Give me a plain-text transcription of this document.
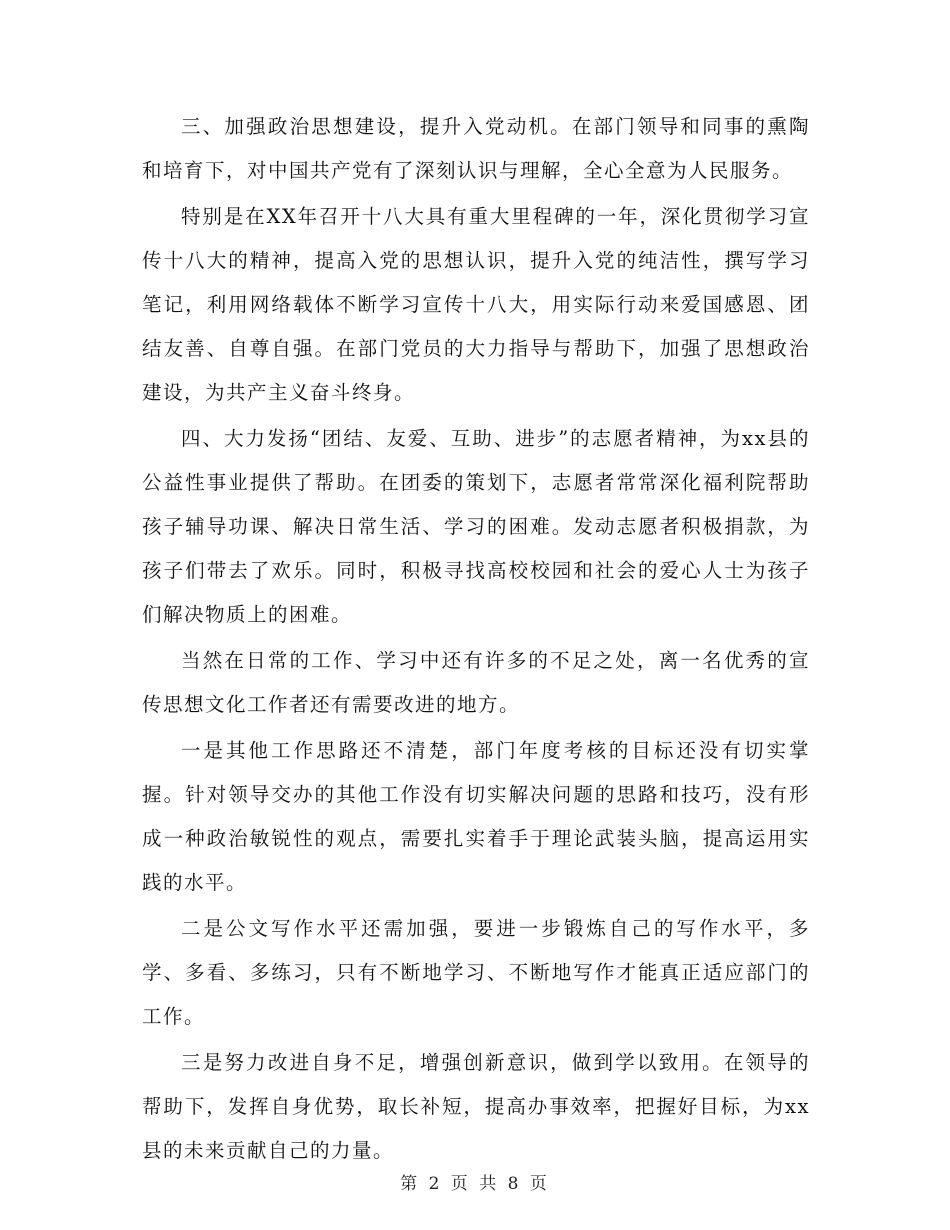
三、加强政治思想建设，提升入党动机。在部门领导和同事的熏陶和培育下，对中国共产党有了深刻认识与理解，全心全意为人民服务。

特别是在XX年召开十八大具有重大里程碑的一年，深化贯彻学习宣传十八大的精神，提高入党的思想认识，提升入党的纯洁性，撰写学习笔记，利用网络载体不断学习宣传十八大，用实际行动来爱国感恩、团结友善、自尊自强。在部门党员的大力指导与帮助下，加强了思想政治建设，为共产主义奋斗终身。

四、大力发扬“团结、友爱、互助、进步”的志愿者精神，为xx县的公益性事业提供了帮助。在团委的策划下，志愿者常常深化福利院帮助孩子辅导功课、解决日常生活、学习的困难。发动志愿者积极捐款，为孩子们带去了欢乐。同时，积极寻找高校校园和社会的爱心人士为孩子们解决物质上的困难。

当然在日常的工作、学习中还有许多的不足之处，离一名优秀的宣传思想文化工作者还有需要改进的地方。

一是其他工作思路还不清楚，部门年度考核的目标还没有切实掌握。针对领导交办的其他工作没有切实解决问题的思路和技巧，没有形成一种政治敏锐性的观点，需要扎实着手于理论武装头脑，提高运用实践的水平。

二是公文写作水平还需加强，要进一步锻炼自己的写作水平，多学、多看、多练习，只有不断地学习、不断地写作才能真正适应部门的工作。

三是努力改进自身不足，增强创新意识，做到学以致用。在领导的帮助下，发挥自身优势，取长补短，提高办事效率，把握好目标，为xx县的未来贡献自己的力量。

第 2 页 共 8 页
